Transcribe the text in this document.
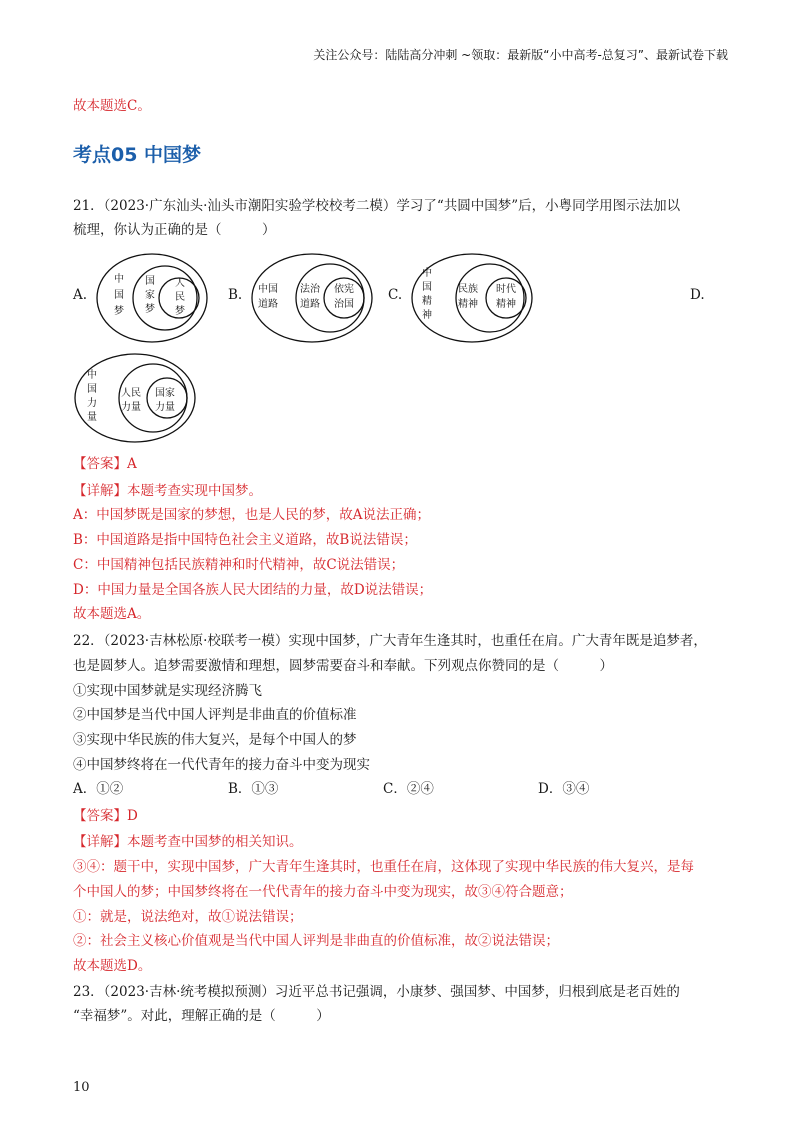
关注公众号：陆陆高分冲刺 ~领取：最新版“小中高考-总复习”、最新试卷下载
故本题选C。
考点05 中国梦
21．（2023·广东汕头·汕头市潮阳实验学校校考二模）学习了“共圆中国梦”后，小粤同学用图示法加以
梳理，你认为正确的是（　　　）
A.
中
国
梦
国
家
梦
人
民
梦
B. 中国
道路
法治
道路
依宪
治国
C.
中
国
精
神
民族
精神
时代
精神
D.
中
国
力
量
人民
力量
国家
力量
【答案】A
【详解】本题考查实现中国梦。
A：中国梦既是国家的梦想，也是人民的梦，故A说法正确；
B：中国道路是指中国特色社会主义道路，故B说法错误；
C：中国精神包括民族精神和时代精神，故C说法错误；
D：中国力量是全国各族人民大团结的力量，故D说法错误；
故本题选A。
22．（2023·吉林松原·校联考一模）实现中国梦，广大青年生逢其时，也重任在肩。广大青年既是追梦者，
也是圆梦人。追梦需要激情和理想，圆梦需要奋斗和奉献。下列观点你赞同的是（　　　）
①实现中国梦就是实现经济腾飞
②中国梦是当代中国人评判是非曲直的价值标准
③实现中华民族的伟大复兴，是每个中国人的梦
④中国梦终将在一代代青年的接力奋斗中变为现实
A．①②	B．①③	C．②④	D．③④
【答案】D
【详解】本题考查中国梦的相关知识。
③④：题干中，实现中国梦，广大青年生逢其时，也重任在肩，这体现了实现中华民族的伟大复兴，是每
个中国人的梦；中国梦终将在一代代青年的接力奋斗中变为现实，故③④符合题意；
①：就是，说法绝对，故①说法错误；
②：社会主义核心价值观是当代中国人评判是非曲直的价值标准，故②说法错误；
故本题选D。
23．（2023·吉林·统考模拟预测）习近平总书记强调，小康梦、强国梦、中国梦，归根到底是老百姓的
“幸福梦”。对此，理解正确的是（　　　）
10
